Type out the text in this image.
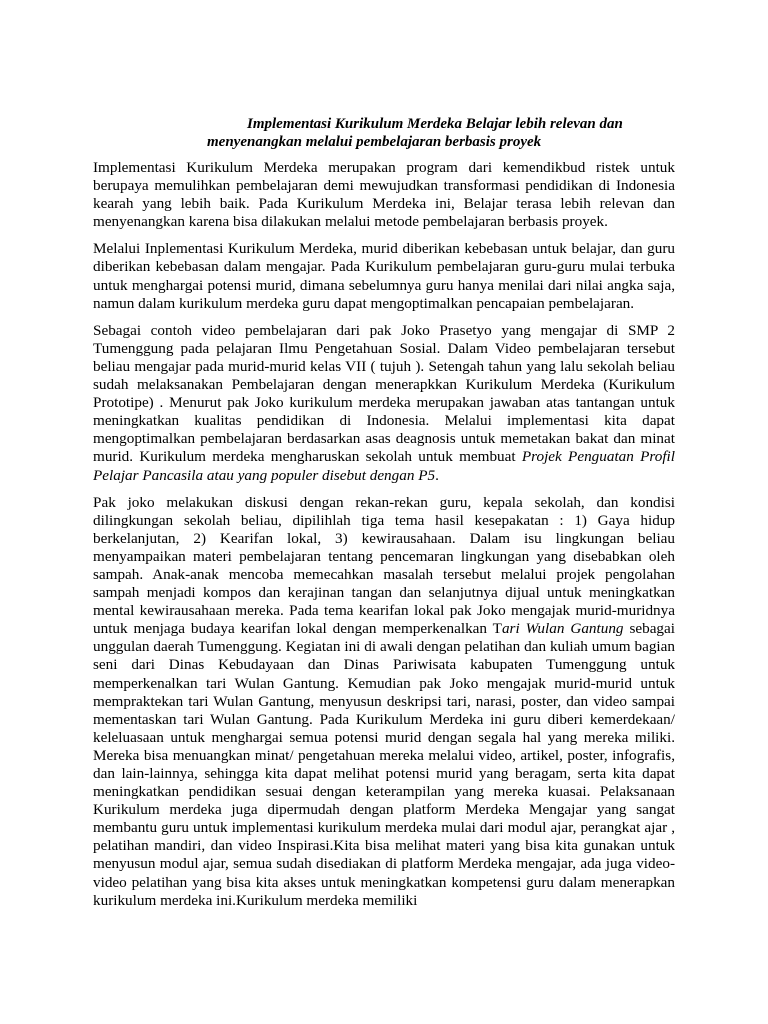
Implementasi Kurikulum Merdeka Belajar lebih relevan dan
menyenangkan melalui pembelajaran berbasis proyek

Implementasi Kurikulum Merdeka merupakan program dari kemendikbud ristek untuk berupaya memulihkan pembelajaran demi mewujudkan transformasi pendidikan di Indonesia kearah yang lebih baik. Pada Kurikulum Merdeka ini, Belajar terasa lebih relevan dan menyenangkan karena bisa dilakukan melalui metode pembelajaran berbasis proyek.

Melalui Inplementasi Kurikulum Merdeka, murid diberikan kebebasan untuk belajar, dan guru diberikan kebebasan dalam mengajar. Pada Kurikulum pembelajaran guru-guru mulai terbuka untuk menghargai potensi murid, dimana sebelumnya guru hanya menilai dari nilai angka saja, namun dalam kurikulum merdeka guru dapat mengoptimalkan pencapaian pembelajaran.

Sebagai contoh video pembelajaran dari pak Joko Prasetyo yang mengajar di SMP 2 Tumenggung pada pelajaran Ilmu Pengetahuan Sosial. Dalam Video pembelajaran tersebut beliau mengajar pada murid-murid kelas VII ( tujuh ). Setengah tahun yang lalu sekolah beliau sudah melaksanakan Pembelajaran dengan menerapkkan Kurikulum Merdeka (Kurikulum Prototipe) . Menurut pak Joko kurikulum merdeka merupakan jawaban atas tantangan untuk meningkatkan kualitas pendidikan di Indonesia. Melalui implementasi kita dapat mengoptimalkan pembelajaran berdasarkan asas deagnosis untuk memetakan bakat dan minat murid. Kurikulum merdeka mengharuskan sekolah untuk membuat Projek Penguatan Profil Pelajar Pancasila atau yang populer disebut dengan P5.

Pak joko melakukan diskusi dengan rekan-rekan guru, kepala sekolah, dan kondisi dilingkungan sekolah beliau, dipilihlah tiga tema hasil kesepakatan : 1) Gaya hidup berkelanjutan, 2) Kearifan lokal, 3) kewirausahaan. Dalam isu lingkungan beliau menyampaikan materi pembelajaran tentang pencemaran lingkungan yang disebabkan oleh sampah. Anak-anak mencoba memecahkan masalah tersebut melalui projek pengolahan sampah menjadi kompos dan kerajinan tangan dan selanjutnya dijual untuk meningkatkan mental kewirausahaan mereka. Pada tema kearifan lokal pak Joko mengajak murid-muridnya untuk menjaga budaya kearifan lokal dengan memperkenalkan Tari Wulan Gantung sebagai unggulan daerah Tumenggung. Kegiatan ini di awali dengan pelatihan dan kuliah umum bagian seni dari Dinas Kebudayaan dan Dinas Pariwisata kabupaten Tumenggung untuk memperkenalkan tari Wulan Gantung. Kemudian pak Joko mengajak murid-murid untuk mempraktekan tari Wulan Gantung, menyusun deskripsi tari, narasi, poster, dan video sampai mementaskan tari Wulan Gantung. Pada Kurikulum Merdeka ini guru diberi kemerdekaan/ keleluasaan untuk menghargai semua potensi murid dengan segala hal yang mereka miliki. Mereka bisa menuangkan minat/ pengetahuan mereka melalui video, artikel, poster, infografis, dan lain-lainnya, sehingga kita dapat melihat potensi murid yang beragam, serta kita dapat meningkatkan pendidikan sesuai dengan keterampilan yang mereka kuasai. Pelaksanaan Kurikulum merdeka juga dipermudah dengan platform Merdeka Mengajar yang sangat membantu guru untuk implementasi kurikulum merdeka mulai dari modul ajar, perangkat ajar , pelatihan mandiri, dan video Inspirasi.Kita bisa melihat materi yang bisa kita gunakan untuk menyusun modul ajar, semua sudah disediakan di platform Merdeka mengajar, ada juga video-video pelatihan yang bisa kita akses untuk meningkatkan kompetensi guru dalam menerapkan kurikulum merdeka ini.Kurikulum merdeka memiliki
